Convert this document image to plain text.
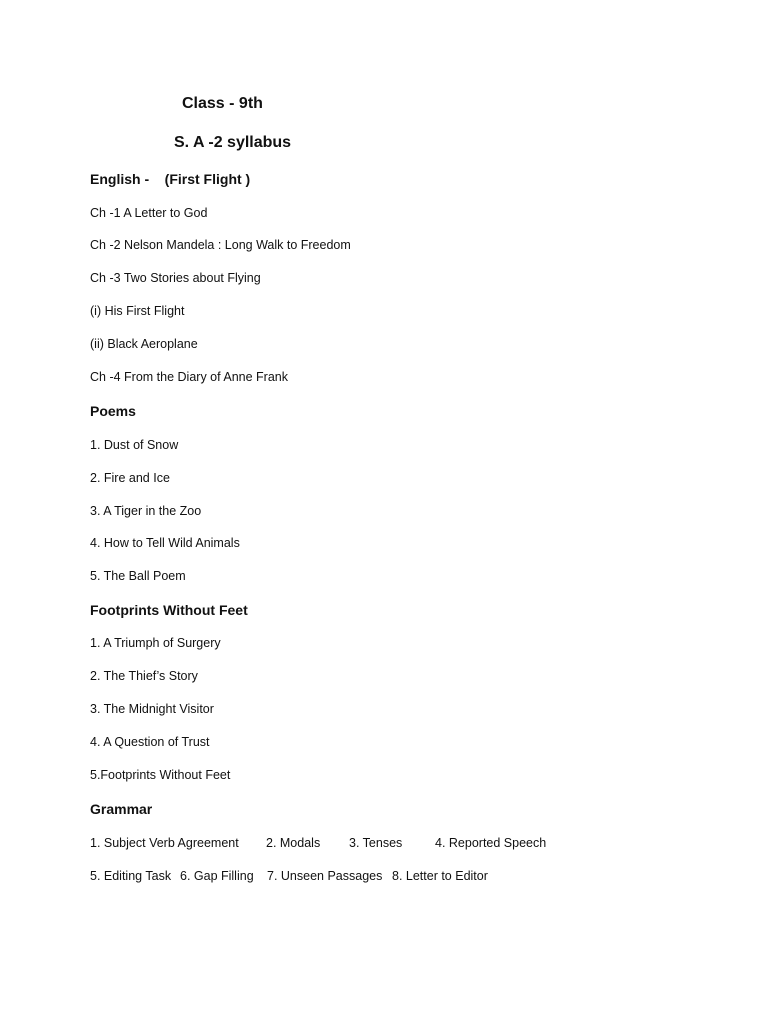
Class - 9th
S. A -2 syllabus
English -    (First Flight )
Ch -1 A Letter to God
Ch -2 Nelson Mandela : Long Walk to Freedom
Ch -3 Two Stories about Flying
(i) His First Flight
(ii) Black Aeroplane
Ch -4 From the Diary of Anne Frank
Poems
1. Dust of Snow
2. Fire and Ice
3. A Tiger in the Zoo
4. How to Tell Wild Animals
5. The Ball Poem
Footprints Without Feet
1. A Triumph of Surgery
2. The Thief’s Story
3. The Midnight Visitor
4. A Question of Trust
5.Footprints Without Feet
Grammar
1. Subject Verb Agreement 2. Modals 3. Tenses	4. Reported Speech
5. Editing Task 6. Gap Filling 7. Unseen Passages 8. Letter to Editor
